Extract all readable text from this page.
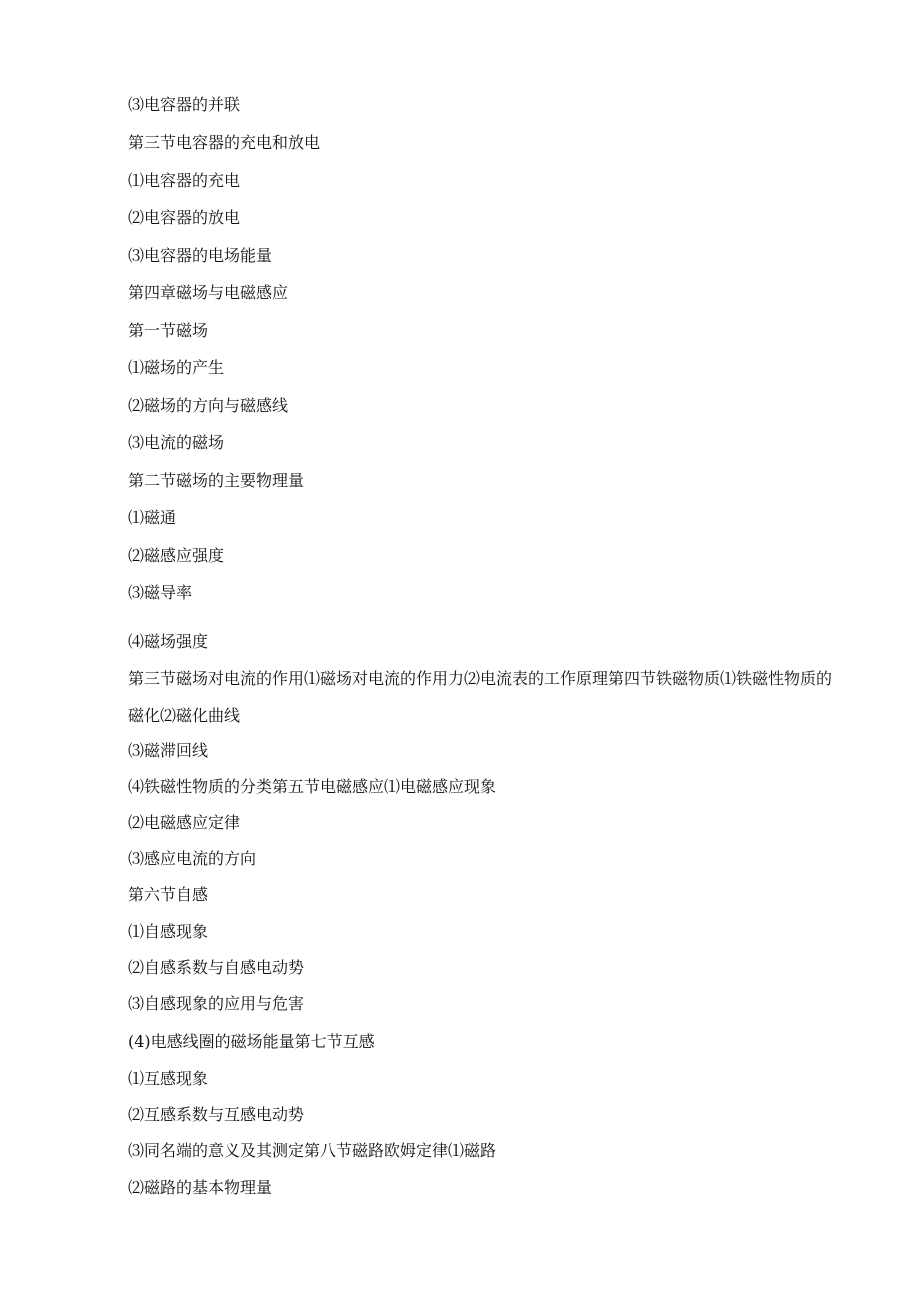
⑶电容器的并联
第三节电容器的充电和放电
⑴电容器的充电
⑵电容器的放电
⑶电容器的电场能量
第四章磁场与电磁感应
第一节磁场
⑴磁场的产生
⑵磁场的方向与磁感线
⑶电流的磁场
第二节磁场的主要物理量
⑴磁通
⑵磁感应强度
⑶磁导率
⑷磁场强度
第三节磁场对电流的作用⑴磁场对电流的作用力⑵电流表的工作原理第四节铁磁物质⑴铁磁性物质的磁化⑵磁化曲线
⑶磁滞回线
⑷铁磁性物质的分类第五节电磁感应⑴电磁感应现象
⑵电磁感应定律
⑶感应电流的方向
第六节自感
⑴自感现象
⑵自感系数与自感电动势
⑶自感现象的应用与危害
(4)电感线圈的磁场能量第七节互感
⑴互感现象
⑵互感系数与互感电动势
⑶同名端的意义及其测定第八节磁路欧姆定律⑴磁路
⑵磁路的基本物理量
